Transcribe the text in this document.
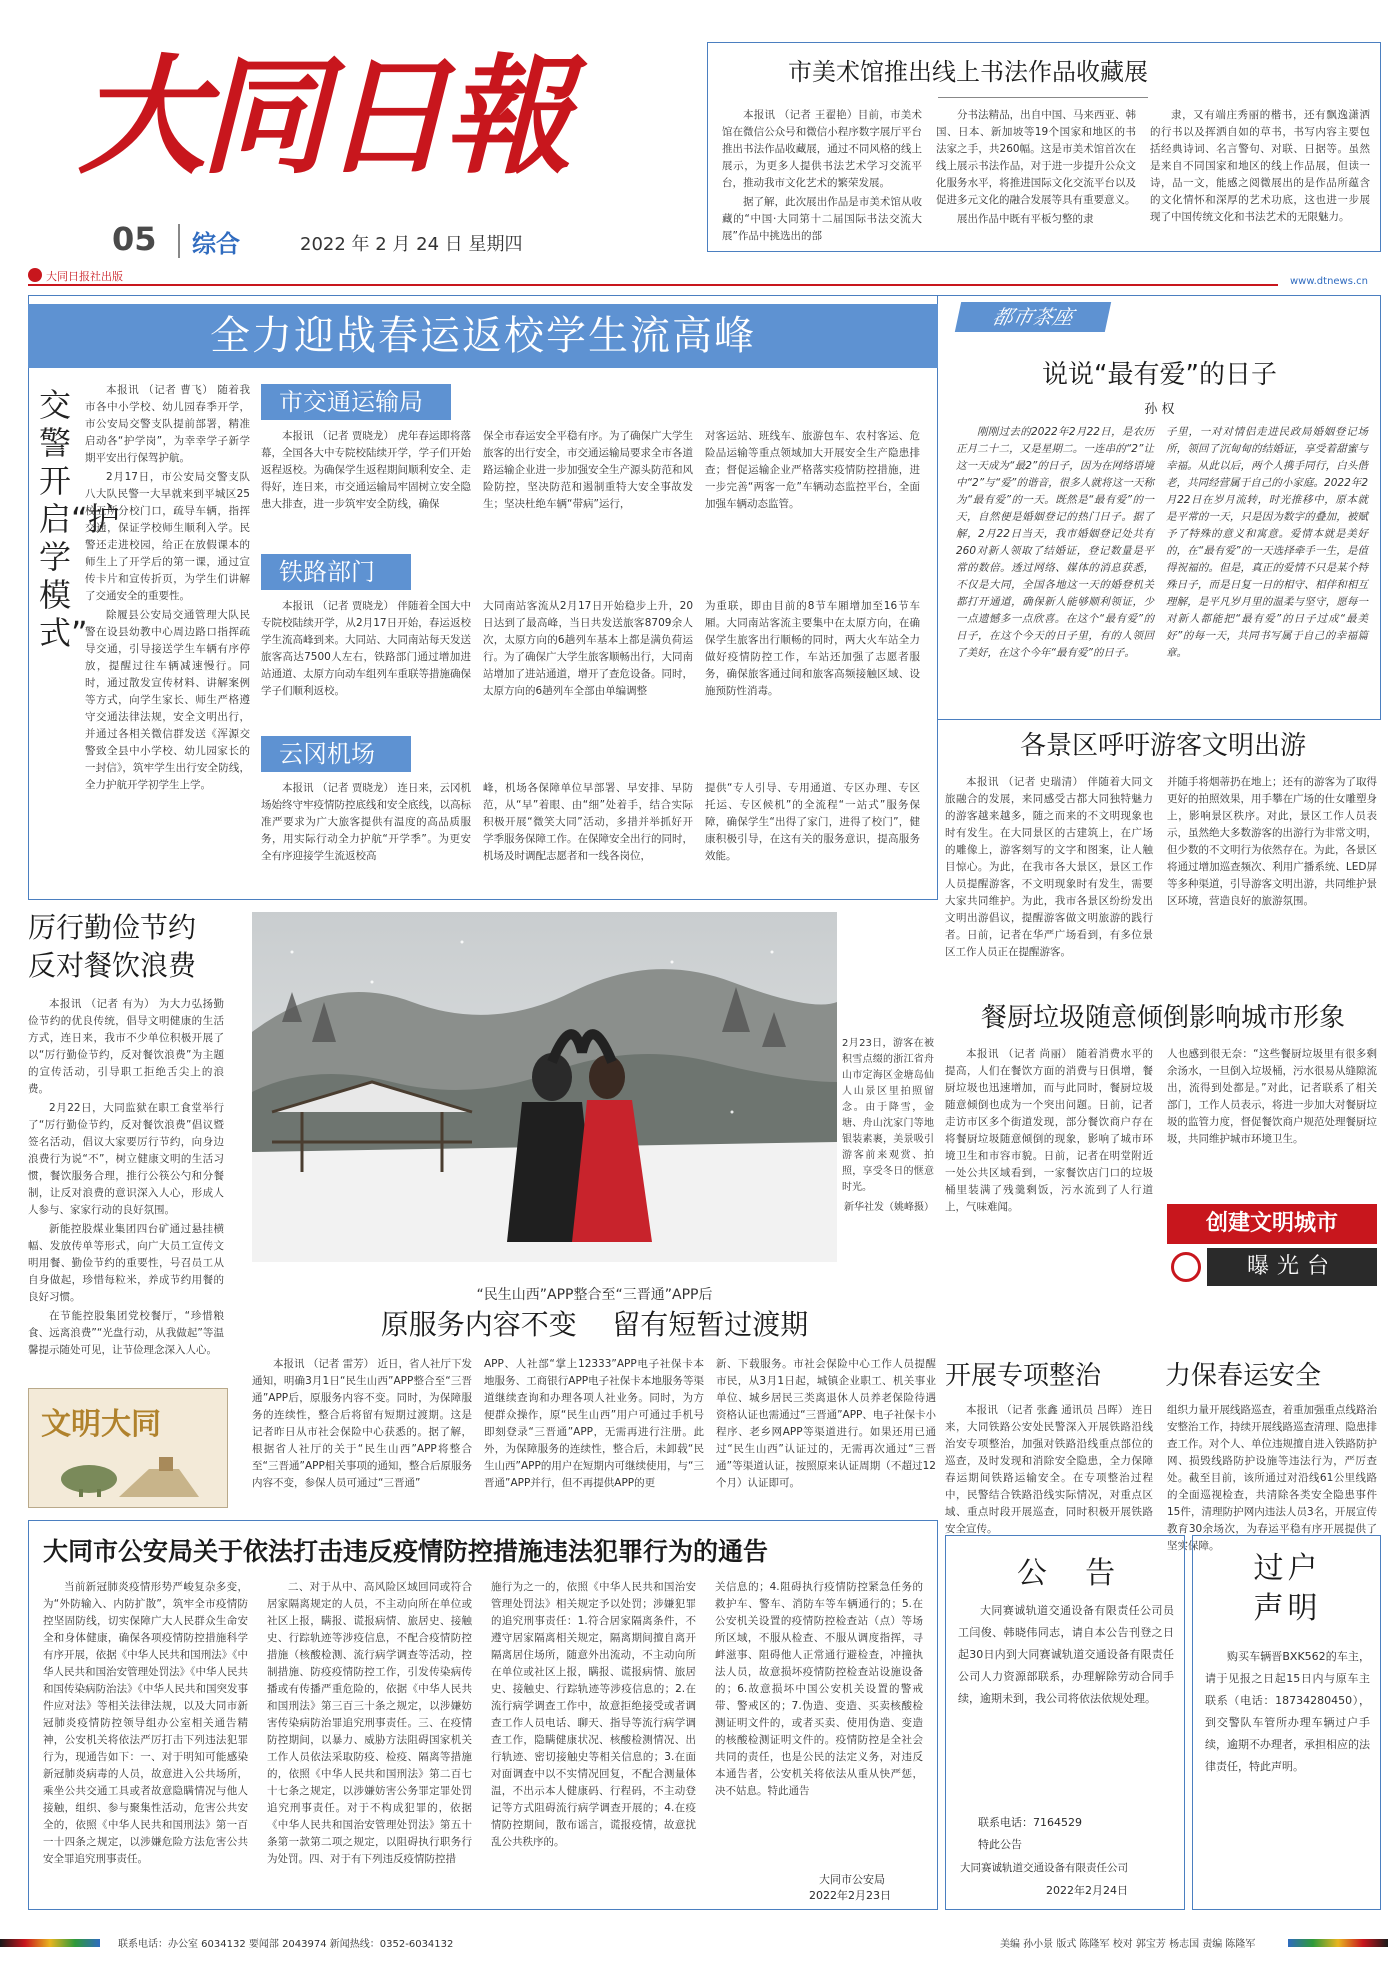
大同日報
05 综合	2022 年 2 月 24 日 星期四
大同日报社出版
市美术馆推出线上书法作品收藏展

本报讯 （记者 王翟艳）目前，市美术馆在微信公众号和微信小程序数字展厅平台推出书法作品收藏展，通过不同风格的线上展示，为更多人提供书法艺术学习交流平台，推动我市文化艺术的繁荣发展。

据了解，此次展出作品是市美术馆从收藏的“中国·大同第十二届国际书法交流大展”作品中挑选出的部

分书法精品，出自中国、马来西亚、韩国、日本、新加坡等19个国家和地区的书法家之手，共260幅。这是市美术馆首次在线上展示书法作品，对于进一步提升公众文化服务水平，将推进国际文化交流平台以及促进多元文化的融合发展等具有重要意义。

展出作品中既有平板匀整的隶

隶，又有端庄秀丽的楷书，还有飘逸潇洒的行书以及挥洒自如的草书，书写内容主要包括经典诗词、名言警句、对联、日据等。虽然是来自不同国家和地区的线上作品展，但读一诗，品一文，能感之阅微展出的是作品所蕴含的文化情怀和深厚的艺术功底，这也进一步展现了中国传统文化和书法艺术的无限魅力。

www.dtnews.cn
全力迎战春运返校学生流高峰
交警开启“护学模式”

本报讯 （记者 曹飞） 随着我市各中小学校、幼儿园春季开学，市公安局交警支队提前部署，精准启动各“护学岗”，为幸幸学子新学期平安出行保驾护航。

2月17日，市公安局交警支队八大队民警一大早就来到平城区25校五所分校门口，疏导车辆，指挥交通，保证学校师生顺利入学。民警还走进校园，给正在放假课本的师生上了开学后的第一课，通过宣传卡片和宣传折页，为学生们讲解了交通安全的重要性。

除履县公安局交通管理大队民警在设县幼教中心周边路口指挥疏导交通，引导接送学生车辆有序停放，提醒过往车辆减速慢行。同时，通过散发宣传材料、讲解案例等方式，向学生家长、师生严格遵守交通法律法规，安全文明出行，并通过各相关微信群发送《浑源交警致全县中小学校、幼儿园家长的一封信》，筑牢学生出行安全防线，全力护航开学初学生上学。

市交通运输局
本报讯 （记者 贾晓龙） 虎年春运即将落幕，全国各大中专院校陆续开学，学子们开始返程返校。为确保学生返程期间顺利安全、走得好，连日来，市交通运输局牢固树立安全隐患大排查，进一步筑牢安全防线，确保
保全市春运安全平稳有序。为了确保广大学生旅客的出行安全，市交通运输局要求全市各道路运输企业进一步加强安全生产源头防范和风险防控，坚决防范和遏制重特大安全事故发生；坚决杜绝车辆“带病”运行，
对客运站、班线车、旅游包车、农村客运、危险品运输等重点领域加大开展安全生产隐患排查；督促运输企业严格落实疫情防控措施，进一步完善“两客一危”车辆动态监控平台，全面加强车辆动态监管。
铁路部门
本报讯 （记者 贾晓龙） 伴随着全国大中专院校陆续开学，从2月17日开始，春运返校学生流高峰到来。大同站、大同南站每天发送旅客高达7500人左右，铁路部门通过增加进站通道、太原方向动车组列车重联等措施确保学子们顺利返校。
大同南站客流从2月17日开始稳步上升，20日达到了最高峰，当日共发送旅客8709余人次，太原方向的6趟列车基本上都是满负荷运行。为了确保广大学生旅客顺畅出行，大同南站增加了进站通道，增开了查危设备。同时，太原方向的6趟列车全部由单编调整
为重联，即由目前的8节车厢增加至16节车厢。大同南站客流主要集中在太原方向，在确保学生旅客出行顺畅的同时，两大火车站全力做好疫情防控工作，车站还加强了志愿者服务，确保旅客通过间和旅客高频接触区域、设施预防性消毒。
云冈机场
本报讯 （记者 贾晓龙） 连日来，云冈机场始终守牢疫情防控底线和安全底线，以高标准严要求为广大旅客提供有温度的高品质服务，用实际行动全力护航“开学季”。为更安全有序迎接学生流返校高
峰，机场各保障单位早部署、早安排、早防范，从“早”着眼、由“细”处着手，结合实际积极开展“微笑大同”活动，多措并举抓好开学季服务保障工作。在保障安全出行的同时，机场及时调配志愿者和一线各岗位，
提供“专人引导、专用通道、专区办理、专区托运、专区候机”的全流程“一站式”服务保障，确保学生“出得了家门，进得了校门”，健康积极引导，在这有关的服务意识，提高服务效能。
厉行勤俭节约
反对餐饮浪费

本报讯 （记者 有为） 为大力弘扬勤俭节约的优良传统，倡导文明健康的生活方式，连日来，我市不少单位积极开展了以“厉行勤俭节约，反对餐饮浪费”为主题的宣传活动，引导职工拒绝舌尖上的浪费。

2月22日，大同监狱在职工食堂举行了“厉行勤俭节约，反对餐饮浪费”倡议暨签名活动，倡议大家要厉行节约，向身边浪费行为说“不”，树立健康文明的生活习惯，餐饮服务合理，推行公筷公勺和分餐制，让反对浪费的意识深入人心，形成人人参与、家家行动的良好氛围。

新能控股煤业集团四台矿通过悬挂横幅、发放传单等形式，向广大员工宣传文明用餐、勤俭节约的重要性，号召员工从自身做起，珍惜每粒米，养成节约用餐的良好习惯。

在节能控股集团党校餐厅，“珍惜粮食、远离浪费”“光盘行动，从我做起”等温馨提示随处可见，让节俭理念深入人心。

文明大同
2月23日，游客在被积雪点缀的浙江省舟山市定海区金塘岛仙人山景区里拍照留念。由于降雪，金塘、舟山沈家门等地银装素裹，美景吸引游客前来观赏、拍照，享受冬日的惬意时光。
新华社发（姚峰摄）
“民生山西”APP整合至“三晋通”APP后
原服务内容不变    留有短暂过渡期
本报讯 （记者 雷芳） 近日，省人社厅下发通知，明确3月1日“民生山西”APP整合至“三晋通”APP后，原服务内容不变。同时，为保障服务的连续性，整合后将留有短期过渡期。这是记者昨日从市社会保险中心获悉的。据了解，根据省人社厅的关于“民生山西”APP将整合至“三晋通”APP相关事项的通知，整合后原服务内容不变，参保人员可通过“三晋通”
APP、人社部“掌上12333”APP电子社保卡本地服务、工商银行APP电子社保卡本地服务等渠道继续查询和办理各项人社业务。同时，为方便群众操作，原“民生山西”用户可通过手机号即刻登录“三晋通”APP，无需再进行注册。此外，为保障服务的连续性，整合后，未卸载“民生山西”APP的用户在短期内可继续使用，与“三晋通”APP并行，但不再提供APP的更
新、下载服务。市社会保险中心工作人员提醒市民，从3月1日起，城镇企业职工、机关事业单位、城乡居民三类离退休人员养老保险待遇资格认证也需通过“三晋通”APP、电子社保卡小程序、老乡网APP等渠道进行。如果还用已通过“民生山西”认证过的，无需再次通过“三晋通”等渠道认证，按照原来认证周期（不超过12个月）认证即可。
大同市公安局关于依法打击违反疫情防控措施违法犯罪行为的通告
当前新冠肺炎疫情形势严峻复杂多变，为“外防输入、内防扩散”，筑牢全市疫情防控坚固防线，切实保障广大人民群众生命安全和身体健康，确保各项疫情防控措施科学有序开展，依据《中华人民共和国刑法》《中华人民共和国治安管理处罚法》《中华人民共和国传染病防治法》《中华人民共和国突发事件应对法》等相关法律法规，以及大同市新冠肺炎疫情防控领导组办公室相关通告精神，公安机关将依法严厉打击下列违法犯罪行为，现通告如下：一、对于明知可能感染新冠肺炎病毒的人员，故意进入公共场所，乘坐公共交通工具或者故意隐瞒情况与他人接触，组织、参与聚集性活动，危害公共安全的，依照《中华人民共和国刑法》第一百一十四条之规定，以涉嫌危险方法危害公共安全罪追究刑事责任。
二、对于从中、高风险区域回同或符合居家隔离规定的人员，不主动向所在单位或社区上报，瞒报、谎报病情、旅居史、接触史、行踪轨迹等涉疫信息，不配合疫情防控措施（核酸检测、流行病学调查等活动，控制措施、防疫疫情防控工作，引发传染病传播或有传播严重危险的，依据《中华人民共和国刑法》第三百三十条之规定，以涉嫌妨害传染病防治罪追究刑事责任。三、在疫情防控期间，以暴力、威胁方法阻碍国家机关工作人员依法采取防疫、检疫、隔离等措施的，依照《中华人民共和国刑法》第二百七十七条之规定，以涉嫌妨害公务罪定罪处罚追究刑事责任。对于不构成犯罪的，依据《中华人民共和国治安管理处罚法》第五十条第一款第二项之规定，以阻碍执行职务行为处罚。四、对于有下列违反疫情防控措
施行为之一的，依照《中华人民共和国治安管理处罚法》相关规定予以处罚；涉嫌犯罪的追究刑事责任：1.符合居家隔离条件，不遵守居家隔离相关规定，隔离期间擅自离开隔离居住场所，随意外出流动，不主动向所在单位或社区上报，瞒报、谎报病情、旅居史、接触史、行踪轨迹等涉疫信息的；2.在流行病学调查工作中，故意拒绝接受或者调查工作人员电话、聊天、指导等流行病学调查工作，隐瞒健康状况、核酸检测情况、出行轨迹、密切接触史等相关信息的；3.在面对面调查中以不实情况回复，不配合测量体温，不出示本人健康码、行程码，不主动登记等方式阻碍流行病学调查开展的；4.在疫情防控期间，散布谣言，谎报疫情，故意扰乱公共秩序的。
关信息的；4.阻碍执行疫情防控紧急任务的救护车、警车、消防车等车辆通行的；5.在公安机关设置的疫情防控检查站（点）等场所区域，不服从检查、不服从调度指挥，寻衅滋事、阻碍他人正常通行避检查，冲撞执法人员，故意损坏疫情防控检查站设施设备的；6.故意损坏中国公安机关设置的警戒带、警戒区的；7.伪造、变造、买卖核酸检测证明文件的，或者买卖、使用伪造、变造的核酸检测证明文件的。疫情防控是全社会共同的责任，也是公民的法定义务，对违反本通告者，公安机关将依法从重从快严惩，决不姑息。特此通告
大同市公安局
2022年2月23日
都市茶座
说说“最有爱”的日子
孙 权
刚刚过去的2022年2月22日，是农历正月二十二，又是星期二。一连串的“2”让这一天成为“最2”的日子，因为在网络语境中“2”与“爱”的谐音，很多人就将这一天称为“最有爱”的一天。既然是“最有爱”的一天，自然便是婚姻登记的热门日子。据了解，2月22日当天，我市婚姻登记处共有260对新人领取了结婚证，登记数量是平常的数倍。透过网络、媒体的消息获悉，不仅是大同，全国各地这一天的婚登机关都打开通道，确保新人能够顺利领证，少一点遗憾多一点欣喜。在这个“最有爱”的日子，在这个今天的日子里，有的人领回了美好，在这个今年“最有爱”的日子。
子里，一对对情侣走进民政局婚姻登记场所，领回了沉甸甸的结婚证，享受着甜蜜与幸福。从此以后，两个人携手同行，白头偕老，共同经营属于自己的小家庭。2022年2月22日在岁月流转，时光推移中，原本就是平常的一天，只是因为数字的叠加，被赋予了特殊的意义和寓意。爱情本就是美好的，在“最有爱”的一天选择牵手一生，是值得祝福的。但是，真正的爱情不只是某个特殊日子，而是日复一日的相守、相伴和相互理解，是平凡岁月里的温柔与坚守，愿每一对新人都能把“最有爱”的日子过成“最美好”的每一天，共同书写属于自己的幸福篇章。
各景区呼吁游客文明出游
本报讯 （记者 史瑞清） 伴随着大同文旅融合的发展，来同感受古都大同独特魅力的游客越来越多，随之而来的不文明现象也时有发生。在大同景区的古建筑上，在广场的雕像上，游客刻写的文字和图案，让人触目惊心。为此，在我市各大景区，景区工作人员提醒游客，不文明现象时有发生，需要大家共同维护。为此，我市各景区纷纷发出文明出游倡议，提醒游客做文明旅游的践行者。日前，记者在华严广场看到，有多位景区工作人员正在提醒游客。
并随手将烟蒂扔在地上；还有的游客为了取得更好的拍照效果，用手攀在广场的仕女雕塑身上，影响景区秩序。对此，景区工作人员表示，虽然绝大多数游客的出游行为非常文明，但少数的不文明行为依然存在。为此，各景区将通过增加巡查频次、利用广播系统、LED屏等多种渠道，引导游客文明出游，共同维护景区环境，营造良好的旅游氛围。
餐厨垃圾随意倾倒影响城市形象
本报讯 （记者 尚丽） 随着消费水平的提高，人们在餐饮方面的消费与日俱增，餐厨垃圾也迅速增加，而与此同时，餐厨垃圾随意倾倒也成为一个突出问题。日前，记者走访市区多个街道发现，部分餐饮商户存在将餐厨垃圾随意倾倒的现象，影响了城市环境卫生和市容市貌。日前，记者在明堂附近一处公共区域看到，一家餐饮店门口的垃圾桶里装满了残羹剩饭，污水流到了人行道上，气味难闻。
人也感到很无奈：“这些餐厨垃圾里有很多剩余汤水，一旦倒入垃圾桶，污水很易从缝隙流出，流得到处都是。”对此，记者联系了相关部门，工作人员表示，将进一步加大对餐厨垃圾的监管力度，督促餐饮商户规范处理餐厨垃圾，共同维护城市环境卫生。
创建文明城市
曝光台
开展专项整治 力保春运安全
本报讯 （记者 张鑫 通讯员 吕晖） 连日来，大同铁路公安处民警深入开展铁路沿线治安专项整治，加强对铁路沿线重点部位的巡查，及时发现和消除安全隐患，全力保障春运期间铁路运输安全。在专项整治过程中，民警结合铁路沿线实际情况，对重点区域、重点时段开展巡查，同时积极开展铁路安全宣传。
组织力量开展线路巡查，着重加强重点线路治安整治工作，持续开展线路巡查清理、隐患排查工作。对个人、单位违规擅自进入铁路防护网、损毁线路防护设施等违法行为，严厉查处。截至目前，该所通过对沿线61公里线路的全面巡视检查，共清除各类安全隐患事件15件，清理防护网内违法人员3名，开展宣传教育30余场次，为春运平稳有序开展提供了坚实保障。
公    告
大同赛诚轨道交通设备有限责任公司员工闫俊、韩晓伟同志，请自本公告刊登之日起30日内到大同赛诚轨道交通设备有限责任公司人力资源部联系，办理解除劳动合同手续，逾期未到，我公司将依法依规处理。
联系电话：7164529
特此公告
大同赛诚轨道交通设备有限责任公司
2022年2月24日
过户
声明
购买车辆晋BXK562的车主，请于见报之日起15日内与原车主联系（电话：18734280450），到交警队车管所办理车辆过户手续，逾期不办理者，承担相应的法律责任，特此声明。
联系电话：办公室 6034132 要闻部 2043974 新闻热线：0352-6034132	美编 孙小景 版式 陈隆军 校对 郭宝芳 杨志国 责编 陈隆军
